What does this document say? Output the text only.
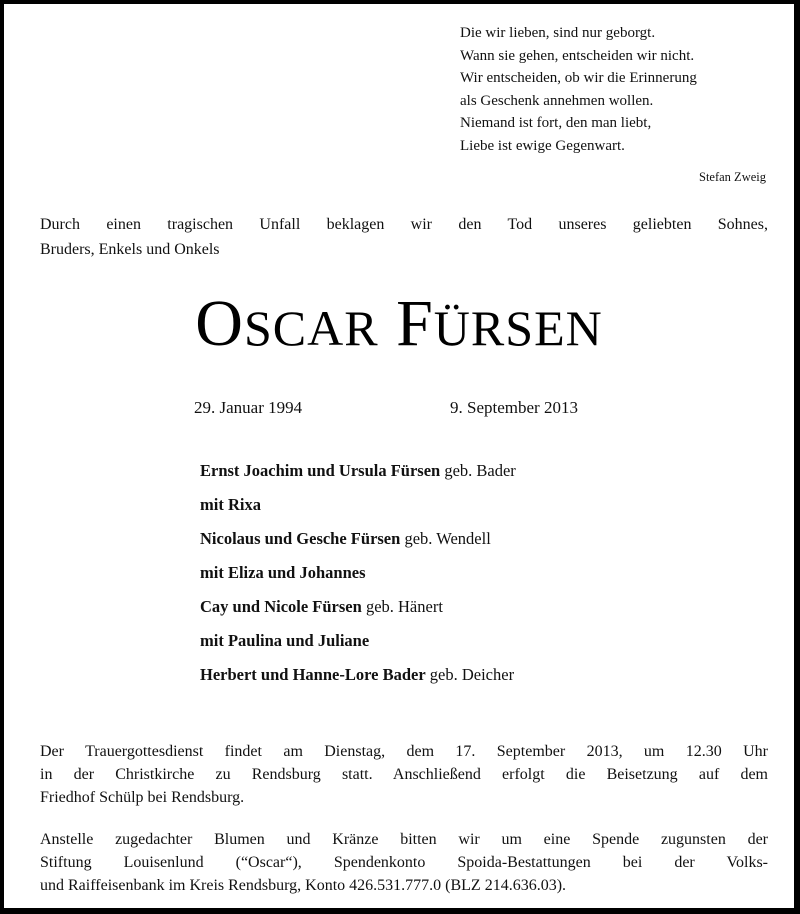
Die wir lieben, sind nur geborgt.
Wann sie gehen, entscheiden wir nicht.
Wir entscheiden, ob wir die Erinnerung
als Geschenk annehmen wollen.
Niemand ist fort, den man liebt,
Liebe ist ewige Gegenwart.
Stefan Zweig
Durch einen tragischen Unfall beklagen wir den Tod unseres geliebten Sohnes,
Bruders, Enkels und Onkels
OSCAR FÜRSEN
29. Januar 1994	9. September 2013
Ernst Joachim und Ursula Fürsen geb. Bader
mit Rixa
Nicolaus und Gesche Fürsen geb. Wendell
mit Eliza und Johannes
Cay und Nicole Fürsen geb. Hänert
mit Paulina und Juliane
Herbert und Hanne-Lore Bader geb. Deicher
Der Trauergottesdienst findet am Dienstag, dem 17. September 2013, um 12.30 Uhr
in der Christkirche zu Rendsburg statt. Anschließend erfolgt die Beisetzung auf dem
Friedhof Schülp bei Rendsburg.
Anstelle zugedachter Blumen und Kränze bitten wir um eine Spende zugunsten der
Stiftung Louisenlund (“Oscar“), Spendenkonto Spoida-Bestattungen bei der Volks-
und Raiffeisenbank im Kreis Rendsburg, Konto 426.531.777.0 (BLZ 214.636.03).
